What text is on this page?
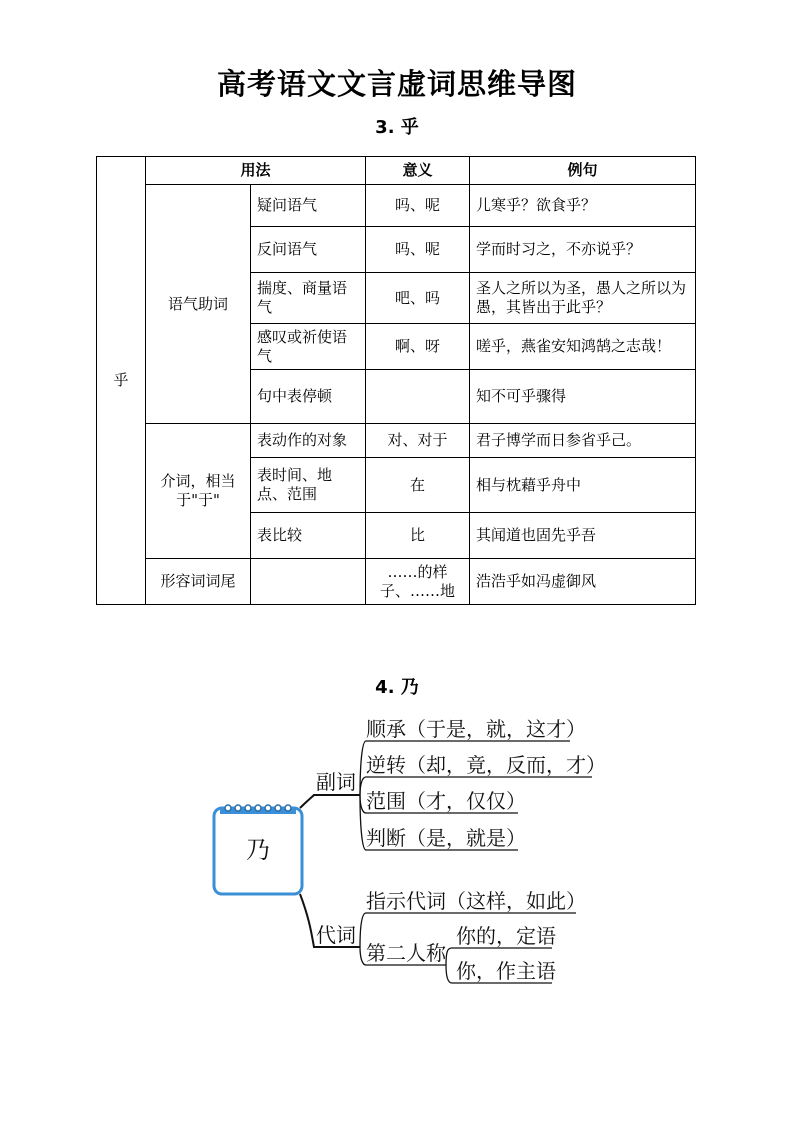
高考语文文言虚词思维导图
3. 乎
乎	用法		意义	例句
	语气助词	疑问语气	吗、呢	儿寒乎？欲食乎？
		反问语气	吗、呢	学而时习之，不亦说乎？
		揣度、商量语气	吧、吗	圣人之所以为圣，愚人之所以为愚，其皆出于此乎？
		感叹或祈使语气	啊、呀	嗟乎，燕雀安知鸿鹄之志哉！
		句中表停顿		知不可乎骤得
	介词，相当于"于"	表动作的对象	对、对于	君子博学而日参省乎己。
		表时间、地点、范围	在	相与枕藉乎舟中
		表比较	比	其闻道也固先乎吾
	形容词词尾		……的样子、……地	浩浩乎如冯虚御风
4. 乃
乃
副词
顺承（于是，就，这才）
逆转（却，竟，反而，才）
范围（才，仅仅）
判断（是，就是）
代词
指示代词（这样，如此）
第二人称
你的，定语
你，作主语
